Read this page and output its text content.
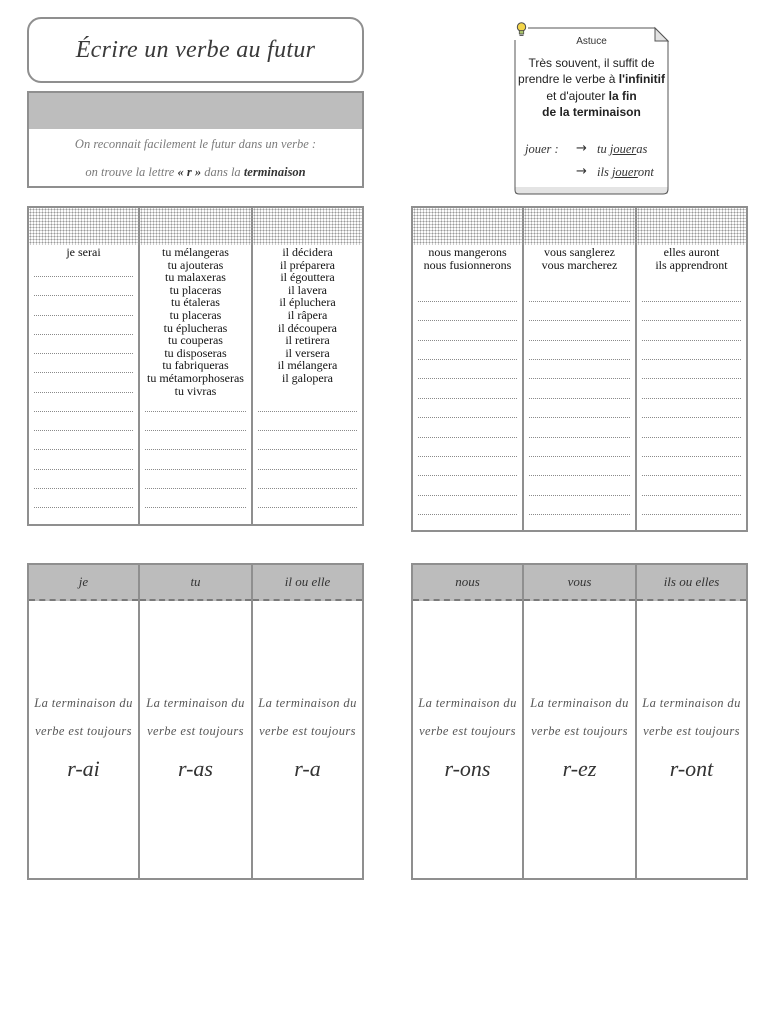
Écrire un verbe au futur
On reconnait facilement le futur dans un verbe :
on trouve la lettre « r » dans la terminaison
Astuce
Très souvent, il suffit de
prendre le verbe à l'infinitif
et d'ajouter la fin
de la terminaison
jouer : → tu joueras
→ ils joueront
je serai	tu mélangeras
tu ajouteras
tu malaxeras
tu placeras
tu étaleras
tu placeras
tu éplucheras
tu couperas
tu disposeras
tu fabriqueras
tu métamorphoseras
tu vivras
il décidera
il préparera
il égouttera
il lavera
il épluchera
il râpera
il découpera
il retirera
il versera
il mélangera
il galopera
nous mangerons
nous fusionnerons
vous sanglerez
vous marcherez
elles auront
ils apprendront
je
La terminaison du
verbe est toujours
r-ai
tu
La terminaison du
verbe est toujours
r-as
il ou elle
La terminaison du
verbe est toujours
r-a
nous
La terminaison du
verbe est toujours
r-ons
vous
La terminaison du
verbe est toujours
r-ez
ils ou elles
La terminaison du
verbe est toujours
r-ont
